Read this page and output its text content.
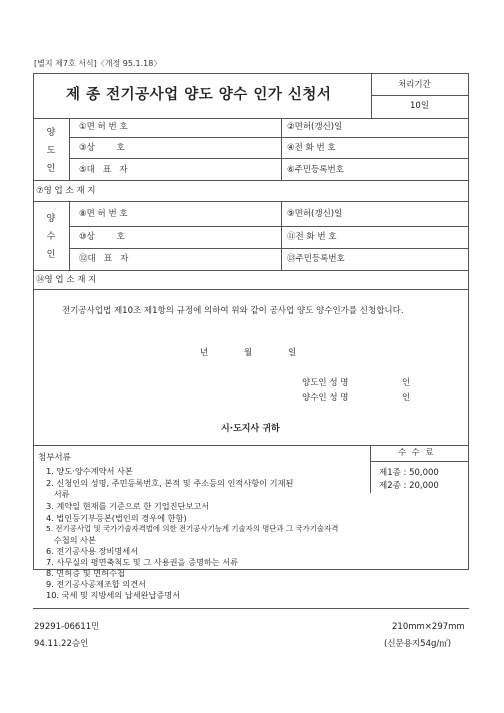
[별지 제7호 서식]〈개정 95.1.18〉
제 종 전기공사업 양도 양수 인가 신청서
처리기간
10일
양
도
인
①면 허 번 호	②면허(갱신)일
③상        호	④전 화 번 호
⑤대   표   자	⑥주민등록번호
⑦영 업 소 재 지
양
수
인
⑧면 허 번 호	⑨면허(갱신)일
⑩상        호	⑪전 화 번 호
⑫대   표   자	⑬주민등록번호
⑭영 업 소 재 지
전기공사업법 제10조 제1항의 규정에 의하여 위와 같이 공사업 양도 양수인가를 신청합니다.
년	월	일
양도인 성 명	인
양수인 성 명	인
시·도지사 귀하
첨부서류
1. 양도·양수계약서 사본
2. 신청인의 성명, 주민등록번호, 본적 및 주소등의 인적사항이 기재된
서류
3. 계약일 현재를 기준으로 한 기업진단보고서
4. 법인등기부등본(법인의 경우에 한함)
5. 전기공사업 및 국가기술자격법에 의한 전기공사기능계 기술자의 명단과 그 국가기술자격
수첩의 사본
6. 전기공사용 장비명세서
7. 사무실의 평면축척도 및 그 사용권을 증명하는 서류
8. 면허증 및 면허수첩
9. 전기공사공제조합 의견서
10. 국세 및 지방세의 납세완납증명서
수  수  료
제1종 : 50,000
제2종 : 20,000
29291-06611민
94.11.22승인
210mm×297mm
(신문용지54g/㎡)
